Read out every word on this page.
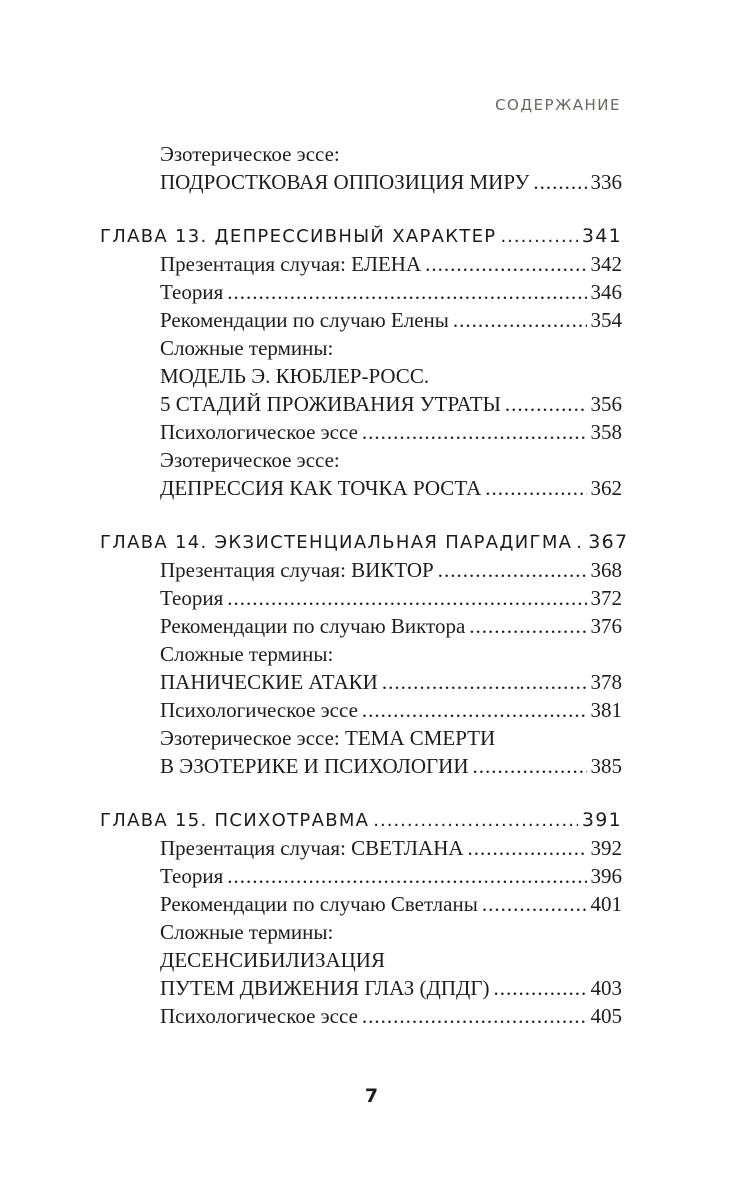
СОДЕРЖАНИЕ
Эзотерическое эссе:
ПОДРОСТКОВАЯ ОППОЗИЦИЯ МИРУ .....	336
ГЛАВА 13. ДЕПРЕССИВНЫЙ ХАРАКТЕР .....	341
Презентация случая: ЕЛЕНА .....	342
Теория .....	346
Рекомендации по случаю Елены .....	354
Сложные термины:
МОДЕЛЬ Э. КЮБЛЕР-РОСС.
5 СТАДИЙ ПРОЖИВАНИЯ УТРАТЫ .....	356
Психологическое эссе .....	358
Эзотерическое эссе:
ДЕПРЕССИЯ КАК ТОЧКА РОСТА .....	362
ГЛАВА 14. ЭКЗИСТЕНЦИАЛЬНАЯ ПАРАДИГМА ..... 367
Презентация случая: ВИКТОР .....	368
Теория .....	372
Рекомендации по случаю Виктора .....	376
Сложные термины:
ПАНИЧЕСКИЕ АТАКИ .....	378
Психологическое эссе .....	381
Эзотерическое эссе: ТЕМА СМЕРТИ
В ЭЗОТЕРИКЕ И ПСИХОЛОГИИ .....	385
ГЛАВА 15. ПСИХОТРАВМА .....	391
Презентация случая: СВЕТЛАНА .....	392
Теория .....	396
Рекомендации по случаю Светланы .....	401
Сложные термины:
ДЕСЕНСИБИЛИЗАЦИЯ
ПУТЕМ ДВИЖЕНИЯ ГЛАЗ (ДПДГ) .....	403
Психологическое эссе .....	405
7
